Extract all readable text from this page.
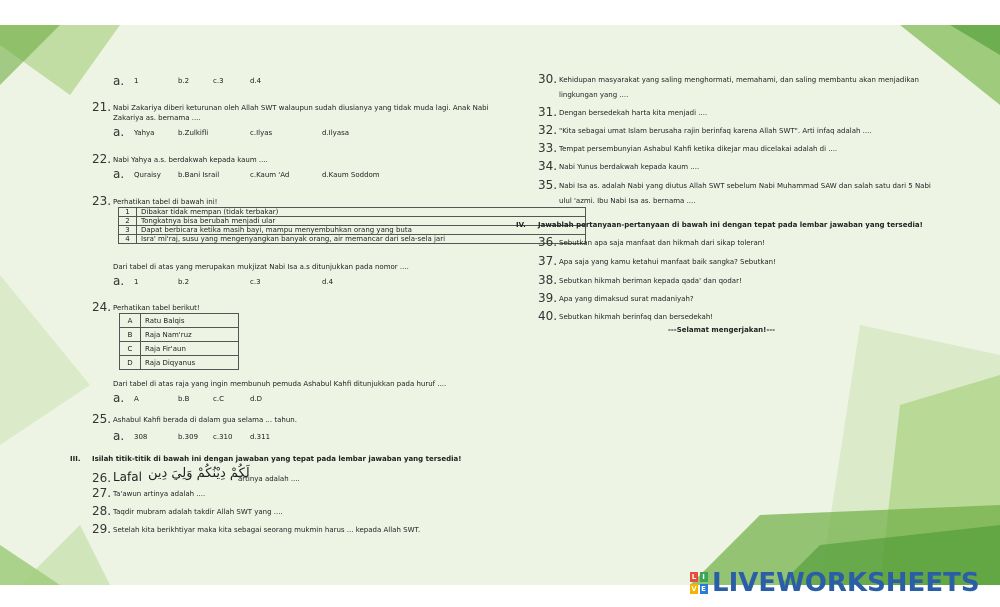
a. 1	b.2	c.3	d.4
21. Nabi Zakariya diberi keturunan oleh Allah SWT walaupun sudah diusianya yang tidak muda lagi. Anak Nabi
Zakariya as. bernama ....
a. Yahya	b.Zulkifli	c.Ilyas	d.Ilyasa
22. Nabi Yahya a.s. berdakwah kepada kaum ....
a. Quraisy b.Bani Israil	c.Kaum 'Ad	d.Kaum Soddom
23. Perhatikan tabel di bawah ini!
1	Dibakar tidak mempan (tidak terbakar)
2	Tongkatnya bisa berubah menjadi ular
3	Dapat berbicara ketika masih bayi, mampu menyembuhkan orang yang buta
4	Isra' mi'raj, susu yang mengenyangkan banyak orang, air memancar dari sela-sela jari
Dari tabel di atas yang merupakan mukjizat Nabi Isa a.s ditunjukkan pada nomor ....
a. 1	b.2	c.3	d.4
24. Perhatikan tabel berikut!
A	Ratu Balqis
B	Raja Nam'ruz
C	Raja Fir'aun
D	Raja Diqyanus
Dari tabel di atas raja yang ingin membunuh pemuda Ashabul Kahfi ditunjukkan pada huruf ....
a. A	b.B	c.C	d.D
25. Ashabul Kahfi berada di dalam gua selama ... tahun.
a. 308	b.309 c.310	d.311
III. Isilah titik-titik di bawah ini dengan jawaban yang tepat pada lembar jawaban yang tersedia!
26. Lafal لَكُمْ دِيْنُكُمْ وَلِيَ دِين
artinya adalah ....
27. Ta'awun artinya adalah ....
28. Taqdir mubram adalah takdir Allah SWT yang ....
29. Setelah kita berikhtiyar maka kita sebagai seorang mukmin harus ... kepada Allah SWT.
30. Kehidupan masyarakat yang saling menghormati, memahami, dan saling membantu akan menjadikan
lingkungan yang ....
31. Dengan bersedekah harta kita menjadi ....
32. "Kita sebagai umat Islam berusaha rajin berinfaq karena Allah SWT". Arti infaq adalah ....
33. Tempat persembunyian Ashabul Kahfi ketika dikejar mau dicelakai adalah di ....
34. Nabi Yunus berdakwah kepada kaum ....
35. Nabi Isa as. adalah Nabi yang diutus Allah SWT sebelum Nabi Muhammad SAW dan salah satu dari 5 Nabi
ulul 'azmi. Ibu Nabi Isa as. bernama ....
IV. Jawablah pertanyaan-pertanyaan di bawah ini dengan tepat pada lembar jawaban yang tersedia!
36. Sebutkan apa saja manfaat dan hikmah dari sikap toleran!
37. Apa saja yang kamu ketahui manfaat baik sangka? Sebutkan!
38. Sebutkan hikmah beriman kepada qada' dan qodar!
39. Apa yang dimaksud surat madaniyah?
40. Sebutkan hikmah berinfaq dan bersedekah!
---Selamat mengerjakan!---
L I
V E LIVEWORKSHEETS
